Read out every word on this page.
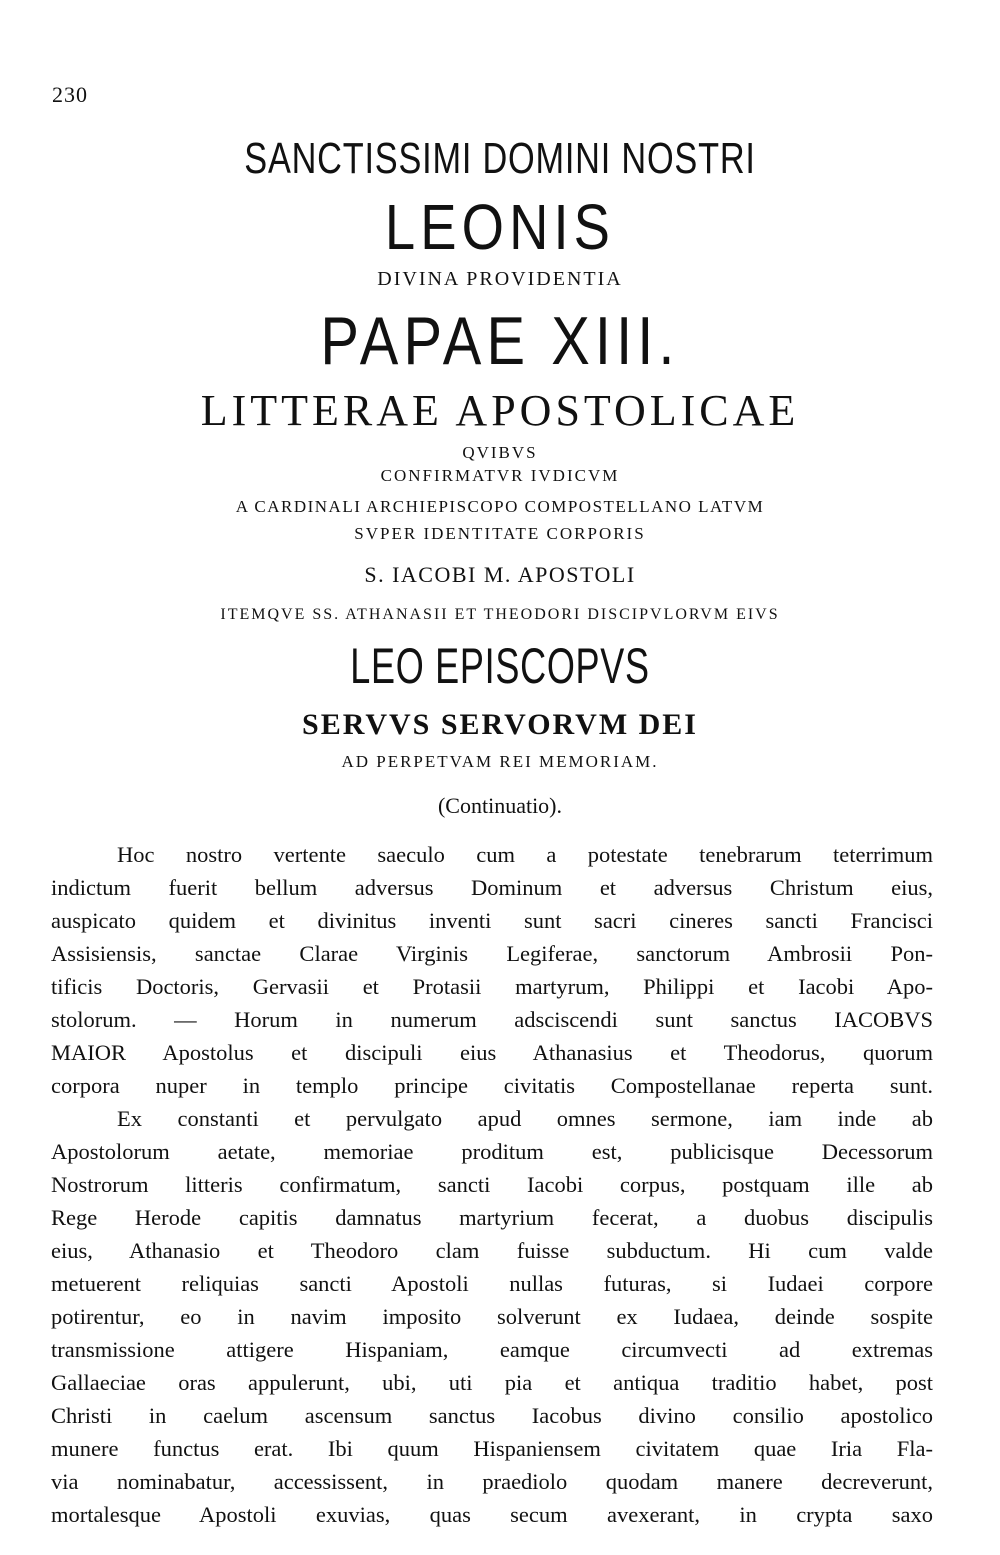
230
SANCTISSIMI DOMINI NOSTRI
LEONIS
DIVINA PROVIDENTIA
PAPAE XIII.
LITTERAE APOSTOLICAE
QVIBVS
CONFIRMATVR IVDICVM
A CARDINALI ARCHIEPISCOPO COMPOSTELLANO LATVM
SVPER IDENTITATE CORPORIS
S. IACOBI M. APOSTOLI
ITEMQVE SS. ATHANASII ET THEODORI DISCIPVLORVM EIVS
LEO EPISCOPVS
SERVVS SERVORVM DEI
AD PERPETVAM REI MEMORIAM.
(Continuatio).

Hoc nostro vertente saeculo cum a potestate tenebrarum teterrimum
indictum fuerit bellum adversus Dominum et adversus Christum eius,
auspicato quidem et divinitus inventi sunt sacri cineres sancti Francisci
Assisiensis, sanctae Clarae Virginis Legiferae, sanctorum Ambrosii Pon-
tificis Doctoris, Gervasii et Protasii martyrum, Philippi et Iacobi Apo-
stolorum. — Horum in numerum adsciscendi sunt sanctus IACOBVS
MAIOR Apostolus et discipuli eius Athanasius et Theodorus, quorum
corpora nuper in templo principe civitatis Compostellanae reperta sunt.

Ex constanti et pervulgato apud omnes sermone, iam inde ab
Apostolorum aetate, memoriae proditum est, publicisque Decessorum
Nostrorum litteris confirmatum, sancti Iacobi corpus, postquam ille ab
Rege Herode capitis damnatus martyrium fecerat, a duobus discipulis
eius, Athanasio et Theodoro clam fuisse subductum. Hi cum valde
metuerent reliquias sancti Apostoli nullas futuras, si Iudaei corpore
potirentur, eo in navim imposito solverunt ex Iudaea, deinde sospite
transmissione attigere Hispaniam, eamque circumvecti ad extremas
Gallaeciae oras appulerunt, ubi, uti pia et antiqua traditio habet, post
Christi in caelum ascensum sanctus Iacobus divino consilio apostolico
munere functus erat. Ibi quum Hispaniensem civitatem quae Iria Fla-
via nominabatur, accessissent, in praediolo quodam manere decreverunt,
mortalesque Apostoli exuvias, quas secum avexerant, in crypta saxo
